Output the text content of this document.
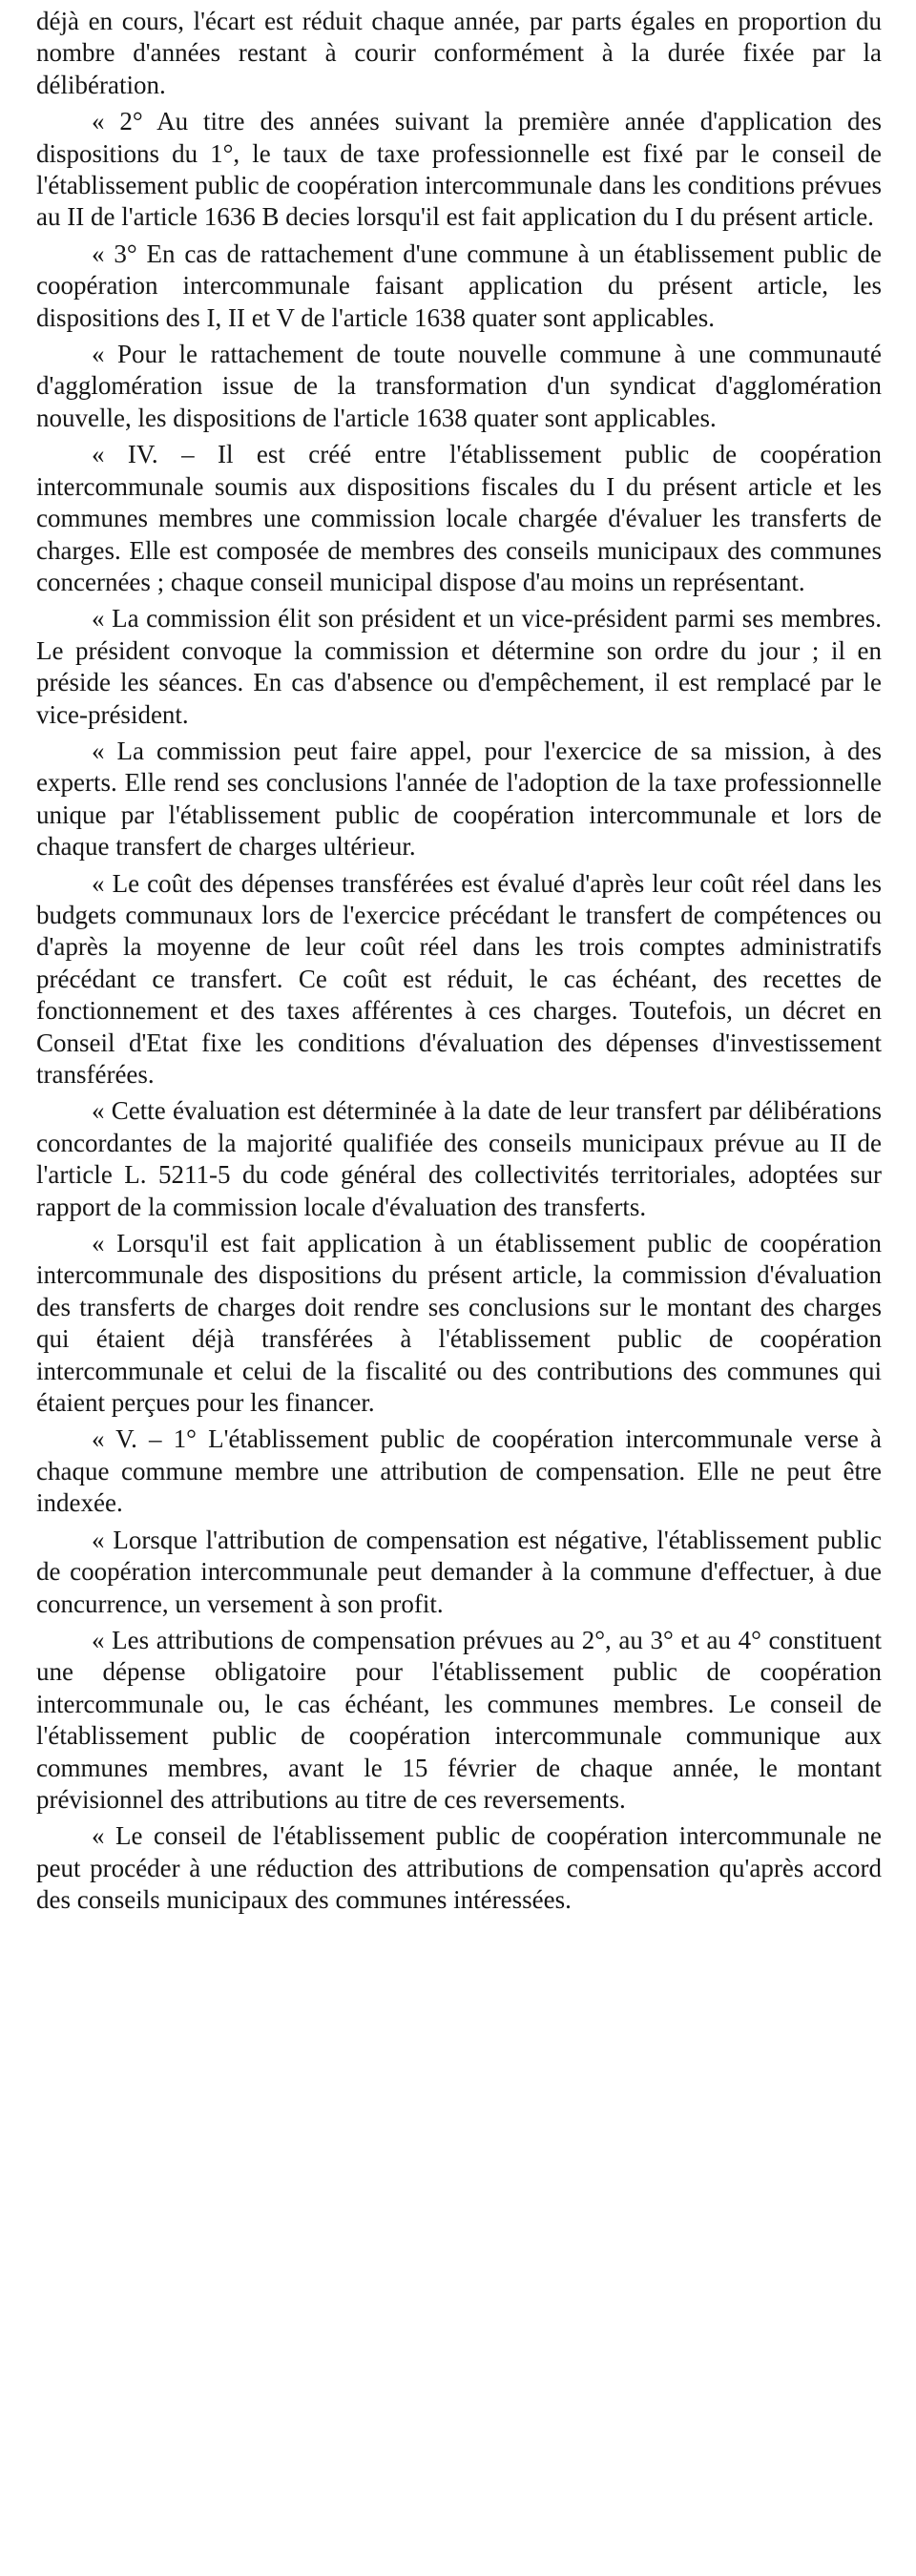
déjà en cours, l'écart est réduit chaque année, par parts égales en proportion du nombre d'années restant à courir conformément à la durée fixée par la délibération.

« 2° Au titre des années suivant la première année d'application des dispositions du 1°, le taux de taxe professionnelle est fixé par le conseil de l'établissement public de coopération intercommunale dans les conditions prévues au II de l'article 1636 B decies lorsqu'il est fait application du I du présent article.

« 3° En cas de rattachement d'une commune à un établissement public de coopération intercommunale faisant application du présent article, les dispositions des I, II et V de l'article 1638 quater sont applicables.

« Pour le rattachement de toute nouvelle commune à une communauté d'agglomération issue de la transformation d'un syndicat d'agglomération nouvelle, les dispositions de l'article 1638 quater sont applicables.

« IV. – Il est créé entre l'établissement public de coopération intercommunale soumis aux dispositions fiscales du I du présent article et les communes membres une commission locale chargée d'évaluer les transferts de charges. Elle est composée de membres des conseils municipaux des communes concernées ; chaque conseil municipal dispose d'au moins un représentant.

« La commission élit son président et un vice-président parmi ses membres. Le président convoque la commission et détermine son ordre du jour ; il en préside les séances. En cas d'absence ou d'empêchement, il est remplacé par le vice-président.

« La commission peut faire appel, pour l'exercice de sa mission, à des experts. Elle rend ses conclusions l'année de l'adoption de la taxe professionnelle unique par l'établissement public de coopération intercommunale et lors de chaque transfert de charges ultérieur.

« Le coût des dépenses transférées est évalué d'après leur coût réel dans les budgets communaux lors de l'exercice précédant le transfert de compétences ou d'après la moyenne de leur coût réel dans les trois comptes administratifs précédant ce transfert. Ce coût est réduit, le cas échéant, des recettes de fonctionnement et des taxes afférentes à ces charges. Toutefois, un décret en Conseil d'Etat fixe les conditions d'évaluation des dépenses d'investissement transférées.

« Cette évaluation est déterminée à la date de leur transfert par délibérations concordantes de la majorité qualifiée des conseils municipaux prévue au II de l'article L. 5211-5 du code général des collectivités territoriales, adoptées sur rapport de la commission locale d'évaluation des transferts.

« Lorsqu'il est fait application à un établissement public de coopération intercommunale des dispositions du présent article, la commission d'évaluation des transferts de charges doit rendre ses conclusions sur le montant des charges qui étaient déjà transférées à l'établissement public de coopération intercommunale et celui de la fiscalité ou des contributions des communes qui étaient perçues pour les financer.

« V. – 1° L'établissement public de coopération intercommunale verse à chaque commune membre une attribution de compensation. Elle ne peut être indexée.

« Lorsque l'attribution de compensation est négative, l'établissement public de coopération intercommunale peut demander à la commune d'effectuer, à due concurrence, un versement à son profit.

« Les attributions de compensation prévues au 2°, au 3° et au 4° constituent une dépense obligatoire pour l'établissement public de coopération intercommunale ou, le cas échéant, les communes membres. Le conseil de l'établissement public de coopération intercommunale communique aux communes membres, avant le 15 février de chaque année, le montant prévisionnel des attributions au titre de ces reversements.

« Le conseil de l'établissement public de coopération intercommunale ne peut procéder à une réduction des attributions de compensation qu'après accord des conseils municipaux des communes intéressées.
